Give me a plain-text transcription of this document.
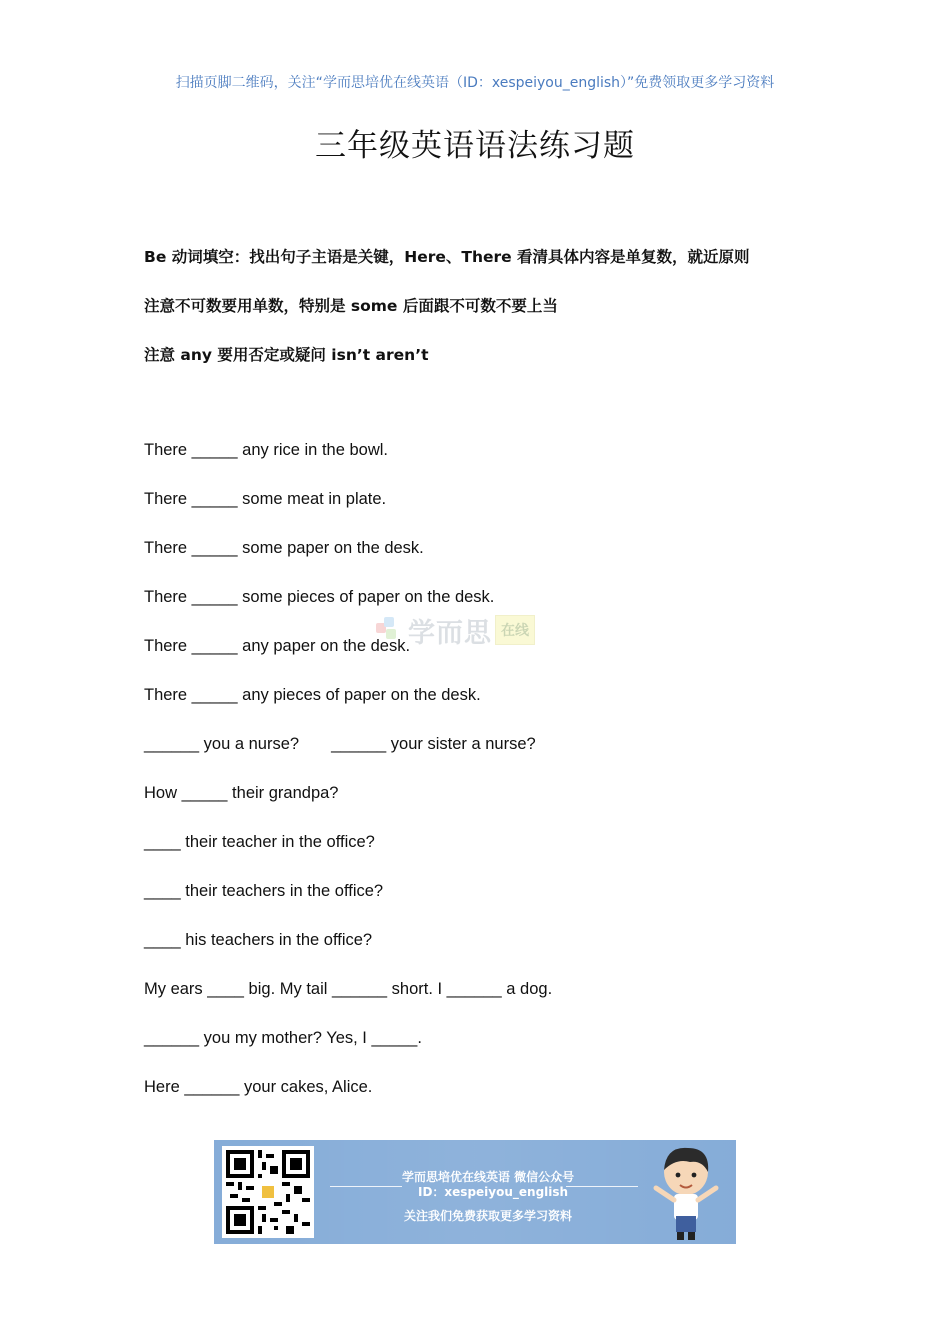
扫描页脚二维码，关注“学而思培优在线英语（ID：xespeiyou_english）”免费领取更多学习资料
三年级英语语法练习题
Be 动词填空：找出句子主语是关键，Here、There 看清具体内容是单复数，就近原则
注意不可数要用单数，特别是 some 后面跟不可数不要上当
注意 any 要用否定或疑问 isn’t aren’t
There _____ any rice in the bowl.
There _____ some meat in plate.
There _____ some paper on the desk.
There _____ some pieces of paper on the desk.
There _____ any paper on the desk.
There _____ any pieces of paper on the desk.
______ you a nurse?       ______ your sister a nurse?
How _____ their grandpa?
____ their teacher in the office?
____ their teachers in the office?
____ his teachers in the office?
My ears ____ big. My tail ______ short. I ______ a dog.
______ you my mother? Yes, I _____.
Here ______ your cakes, Alice.
学而思 在线
学而思培优在线英语 微信公众号
ID：xespeiyou_english
关注我们免费获取更多学习资料
